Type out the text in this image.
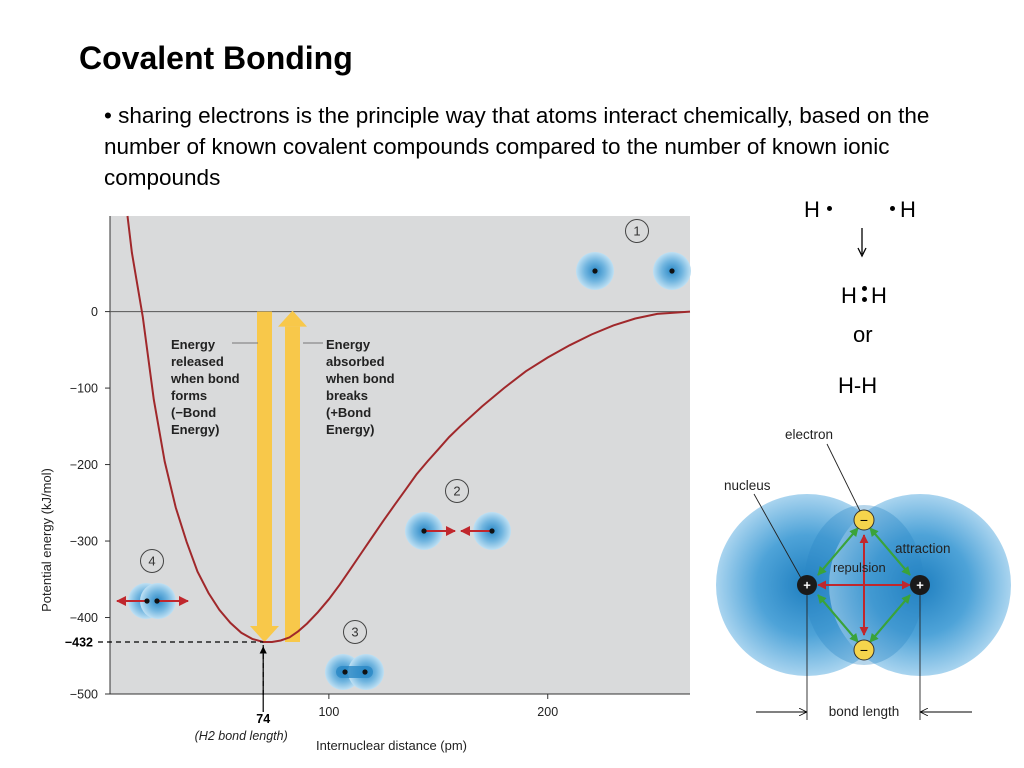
Covalent Bonding
• sharing electrons is the principle way that atoms interact chemically, based on the number of known covalent compounds compared to the number of known ionic compounds
0
−100
−200
−300
−400
−500
100	200
Energy released when bond forms (−Bond Energy)
Energy absorbed when bond breaks (+Bond Energy)
−432
74
(H2 bond length)
Internuclear distance (pm)
Potential energy (kJ/mol)
1
2
3
4
H	H
H H
or
H-H
−
−
+	+
electron
nucleus
attraction
repulsion
bond length
